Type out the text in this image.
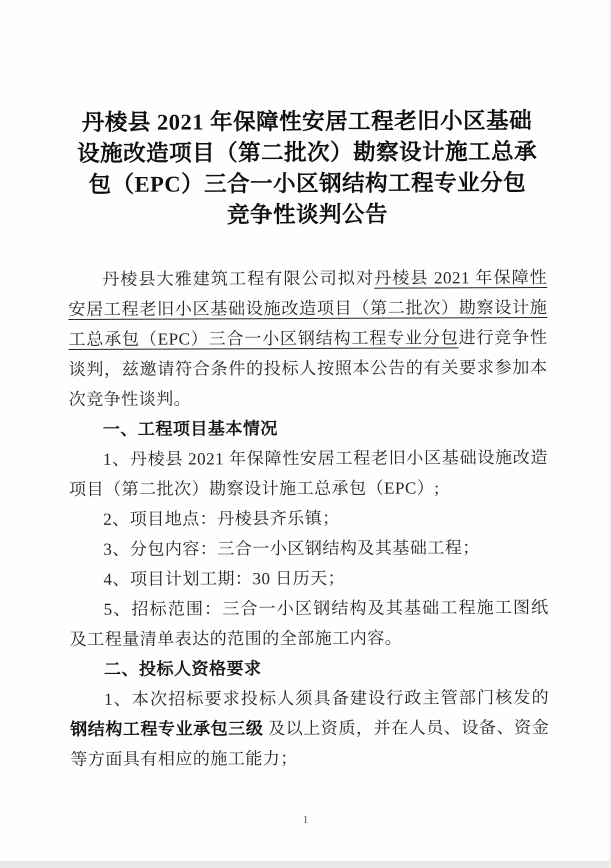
丹棱县 2021 年保障性安居工程老旧小区基础
设施改造项目（第二批次）勘察设计施工总承
包（EPC）三合一小区钢结构工程专业分包
竞争性谈判公告

丹棱县大雅建筑工程有限公司拟对丹棱县 2021 年保障性安居工程老旧小区基础设施改造项目（第二批次）勘察设计施工总承包（EPC）三合一小区钢结构工程专业分包进行竞争性谈判，兹邀请符合条件的投标人按照本公告的有关要求参加本次竞争性谈判。

一、工程项目基本情况

1、丹棱县 2021 年保障性安居工程老旧小区基础设施改造项目（第二批次）勘察设计施工总承包（EPC）;

2、项目地点：丹棱县齐乐镇；

3、分包内容：三合一小区钢结构及其基础工程；

4、项目计划工期：30 日历天；

5、招标范围：三合一小区钢结构及其基础工程施工图纸及工程量清单表达的范围的全部施工内容。

二、投标人资格要求

1、本次招标要求投标人须具备建设行政主管部门核发的钢结构工程专业承包三级 及以上资质，并在人员、设备、资金等方面具有相应的施工能力；

1
